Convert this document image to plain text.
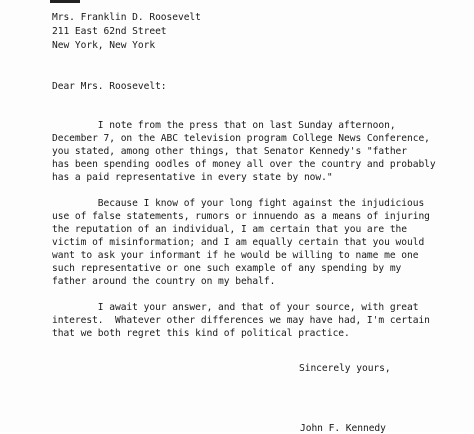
Mrs. Franklin D. Roosevelt
211 East 62nd Street
New York, New York
Dear Mrs. Roosevelt:
I note from the press that on last Sunday afternoon,
December 7, on the ABC television program College News Conference,
you stated, among other things, that Senator Kennedy's "father
has been spending oodles of money all over the country and probably
has a paid representative in every state by now."
Because I know of your long fight against the injudicious
use of false statements, rumors or innuendo as a means of injuring
the reputation of an individual, I am certain that you are the
victim of misinformation; and I am equally certain that you would
want to ask your informant if he would be willing to name me one
such representative or one such example of any spending by my
father around the country on my behalf.
I await your answer, and that of your source, with great
interest.  Whatever other differences we may have had, I'm certain
that we both regret this kind of political practice.
Sincerely yours,
John F. Kennedy
